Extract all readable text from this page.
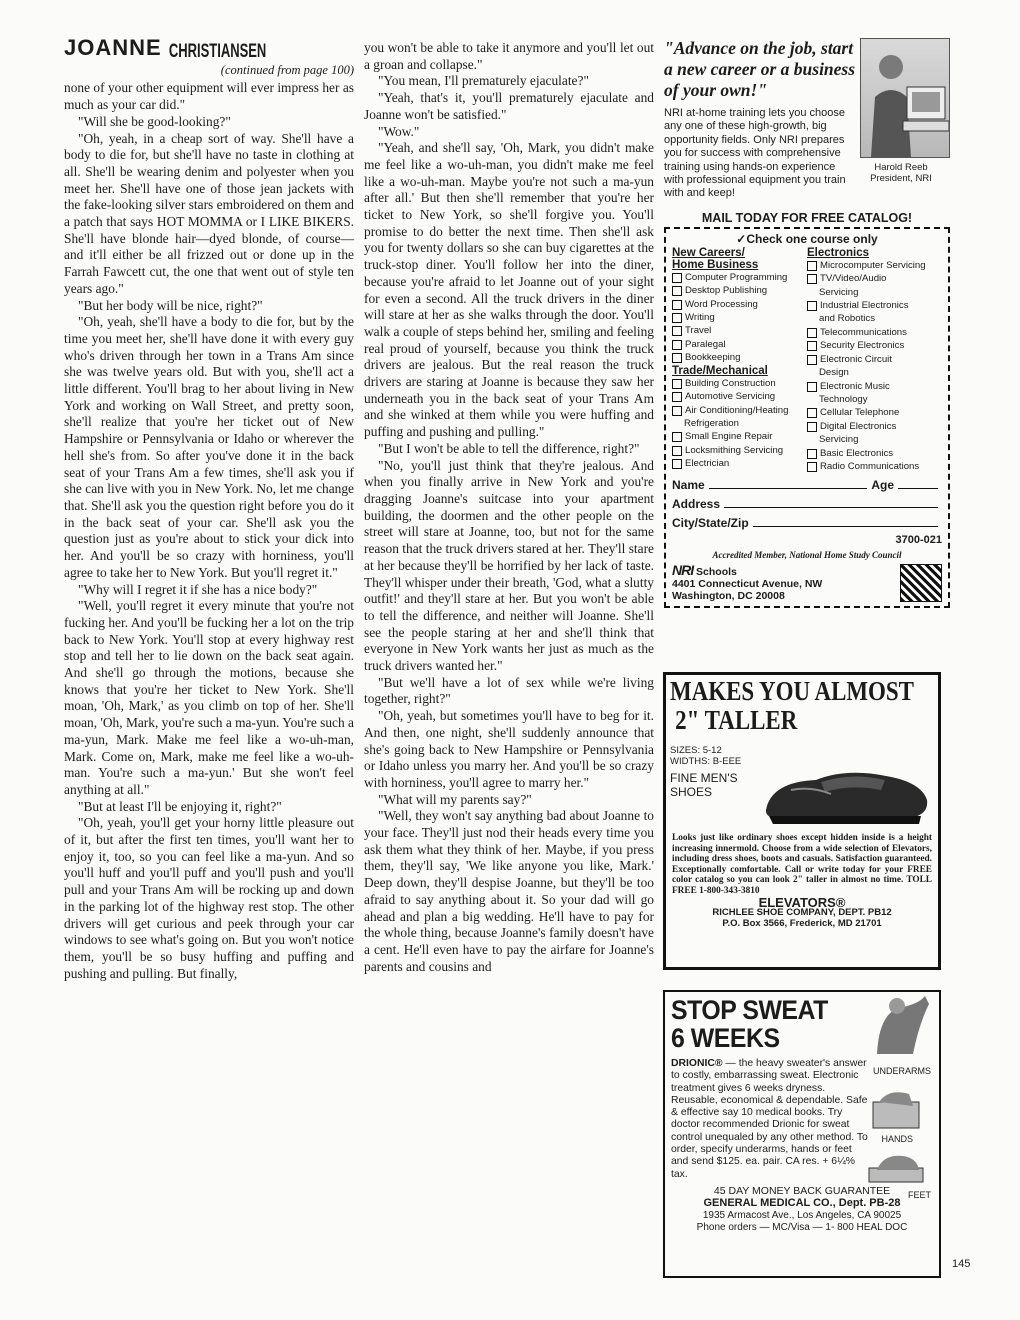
JOANNE CHRISTIANSEN
(continued from page 100)

none of your other equipment will ever impress her as much as your car did."

"Will she be good-looking?"

"Oh, yeah, in a cheap sort of way. She'll have a body to die for, but she'll have no taste in clothing at all. She'll be wearing denim and polyester when you meet her. She'll have one of those jean jackets with the fake-looking silver stars embroidered on them and a patch that says HOT MOMMA or I LIKE BIKERS. She'll have blonde hair—dyed blonde, of course—and it'll either be all frizzed out or done up in the Farrah Fawcett cut, the one that went out of style ten years ago."

"But her body will be nice, right?"

"Oh, yeah, she'll have a body to die for, but by the time you meet her, she'll have done it with every guy who's driven through her town in a Trans Am since she was twelve years old. But with you, she'll act a little different. You'll brag to her about living in New York and working on Wall Street, and pretty soon, she'll realize that you're her ticket out of New Hampshire or Pennsylvania or Idaho or wherever the hell she's from. So after you've done it in the back seat of your Trans Am a few times, she'll ask you if she can live with you in New York. No, let me change that. She'll ask you the question right before you do it in the back seat of your car. She'll ask you the question just as you're about to stick your dick into her. And you'll be so crazy with horniness, you'll agree to take her to New York. But you'll regret it."

"Why will I regret it if she has a nice body?"

"Well, you'll regret it every minute that you're not fucking her. And you'll be fucking her a lot on the trip back to New York. You'll stop at every highway rest stop and tell her to lie down on the back seat again. And she'll go through the motions, because she knows that you're her ticket to New York. She'll moan, 'Oh, Mark,' as you climb on top of her. She'll moan, 'Oh, Mark, you're such a ma-yun. You're such a ma-yun, Mark. Make me feel like a wo-uh-man, Mark. Come on, Mark, make me feel like a wo-uh-man. You're such a ma-yun.' But she won't feel anything at all."

"But at least I'll be enjoying it, right?"

"Oh, yeah, you'll get your horny little pleasure out of it, but after the first ten times, you'll want her to enjoy it, too, so you can feel like a ma-yun. And so you'll huff and you'll puff and you'll push and you'll pull and your Trans Am will be rocking up and down in the parking lot of the highway rest stop. The other drivers will get curious and peek through your car windows to see what's going on. But you won't notice them, you'll be so busy huffing and puffing and pushing and pulling. But finally,

you won't be able to take it anymore and you'll let out a groan and collapse."

"You mean, I'll prematurely ejaculate?"

"Yeah, that's it, you'll prematurely ejaculate and Joanne won't be satisfied."

"Wow."

"Yeah, and she'll say, 'Oh, Mark, you didn't make me feel like a wo-uh-man, you didn't make me feel like a wo-uh-man. Maybe you're not such a ma-yun after all.' But then she'll remember that you're her ticket to New York, so she'll forgive you. You'll promise to do better the next time. Then she'll ask you for twenty dollars so she can buy cigarettes at the truck-stop diner. You'll follow her into the diner, because you're afraid to let Joanne out of your sight for even a second. All the truck drivers in the diner will stare at her as she walks through the door. You'll walk a couple of steps behind her, smiling and feeling real proud of yourself, because you think the truck drivers are jealous. But the real reason the truck drivers are staring at Joanne is because they saw her underneath you in the back seat of your Trans Am and she winked at them while you were huffing and puffing and pushing and pulling."

"But I won't be able to tell the difference, right?"

"No, you'll just think that they're jealous. And when you finally arrive in New York and you're dragging Joanne's suitcase into your apartment building, the doormen and the other people on the street will stare at Joanne, too, but not for the same reason that the truck drivers stared at her. They'll stare at her because they'll be horrified by her lack of taste. They'll whisper under their breath, 'God, what a slutty outfit!' and they'll stare at her. But you won't be able to tell the difference, and neither will Joanne. She'll see the people staring at her and she'll think that everyone in New York wants her just as much as the truck drivers wanted her."

"But we'll have a lot of sex while we're living together, right?"

"Oh, yeah, but sometimes you'll have to beg for it. And then, one night, she'll suddenly announce that she's going back to New Hampshire or Pennsylvania or Idaho unless you marry her. And you'll be so crazy with horniness, you'll agree to marry her."

"What will my parents say?"

"Well, they won't say anything bad about Joanne to your face. They'll just nod their heads every time you ask them what they think of her. Maybe, if you press them, they'll say, 'We like anyone you like, Mark.' Deep down, they'll despise Joanne, but they'll be too afraid to say anything about it. So your dad will go ahead and plan a big wedding. He'll have to pay for the whole thing, because Joanne's family doesn't have a cent. He'll even have to pay the airfare for Joanne's parents and cousins and

"Advance on the job, start a new career or a business of your own!"
Harold Reeb
President, NRI
NRI at-home training lets you choose any one of these high-growth, big opportunity fields. Only NRI prepares you for success with comprehensive training using hands-on experience with professional equipment you train with and keep!
MAIL TODAY FOR FREE CATALOG!
✓Check one course only
New Careers/
Home Business
Computer Programming
Desktop Publishing
Word Processing
Writing
Travel
Paralegal
Bookkeeping
Trade/Mechanical
Building Construction
Automotive Servicing
Air Conditioning/Heating
Refrigeration
Small Engine Repair
Locksmithing Servicing
Electrician
Electronics
Microcomputer Servicing
TV/Video/Audio
Servicing
Industrial Electronics
and Robotics
Telecommunications
Security Electronics
Electronic Circuit
Design
Electronic Music
Technology
Cellular Telephone
Digital Electronics
Servicing
Basic Electronics
Radio Communications
Name	Age
Address
City/State/Zip
3700-021
Accredited Member, National Home Study Council
NRI Schools
4401 Connecticut Avenue, NW
Washington, DC 20008
MAKES YOU ALMOST
2" TALLER
SIZES: 5-12
WIDTHS: B-EEE
FINE MEN'S SHOES
Looks just like ordinary shoes except hidden inside is a height increasing innermold. Choose from a wide selection of Elevators, including dress shoes, boots and casuals. Satisfaction guaranteed. Exceptionally comfortable. Call or write today for your FREE color catalog so you can look 2" taller in almost no time. TOLL FREE 1-800-343-3810
ELEVATORS®
RICHLEE SHOE COMPANY, DEPT. PB12
P.O. Box 3566, Frederick, MD 21701
STOP SWEAT
6 WEEKS
UNDERARMS
HANDS
FEET
DRIONIC® — the heavy sweater's answer to costly, embarrassing sweat. Electronic treatment gives 6 weeks dryness. Reusable, economical & dependable. Safe & effective say 10 medical books. Try doctor recommended Drionic for sweat control unequaled by any other method. To order, specify underarms, hands or feet and send $125. ea. pair. CA res. + 6¼% tax.
45 DAY MONEY BACK GUARANTEE
GENERAL MEDICAL CO., Dept. PB-28
1935 Armacost Ave., Los Angeles, CA 90025
Phone orders — MC/Visa — 1- 800 HEAL DOC
145
